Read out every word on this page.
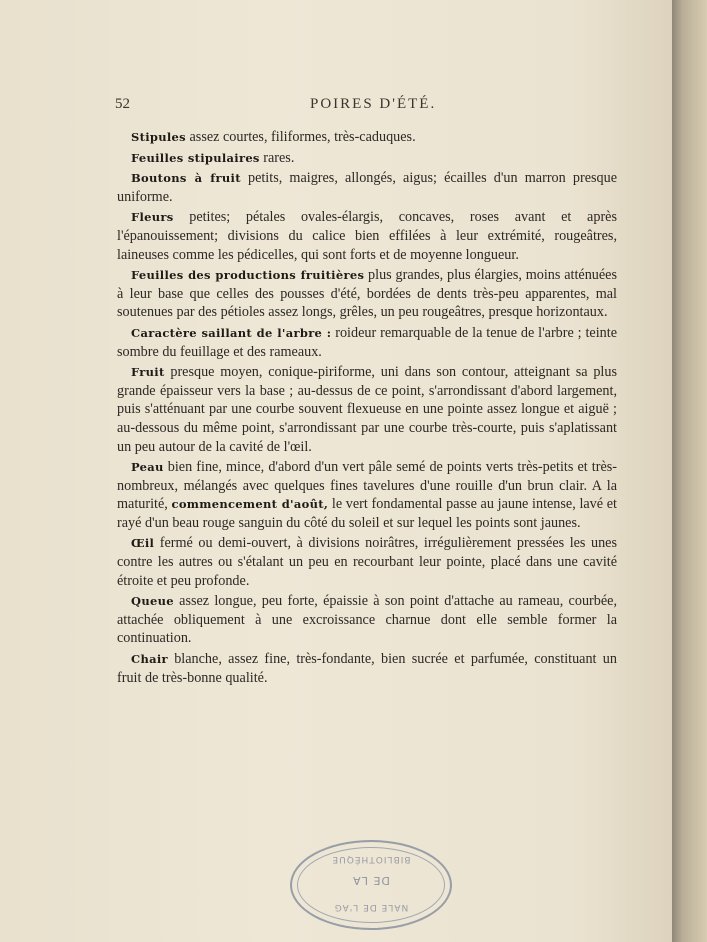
52	POIRES D'ÉTÉ.

Stipules assez courtes, filiformes, très-caduques.

Feuilles stipulaires rares.

Boutons à fruit petits, maigres, allongés, aigus; écailles d'un marron presque uniforme.

Fleurs petites; pétales ovales-élargis, concaves, roses avant et après l'épanouissement; divisions du calice bien effilées à leur extrémité, rougeâtres, laineuses comme les pédicelles, qui sont forts et de moyenne longueur.

Feuilles des productions fruitières plus grandes, plus élargies, moins atténuées à leur base que celles des pousses d'été, bordées de dents très-peu apparentes, mal soutenues par des pétioles assez longs, grêles, un peu rougeâtres, presque horizontaux.

Caractère saillant de l'arbre : roideur remarquable de la tenue de l'arbre ; teinte sombre du feuillage et des rameaux.

Fruit presque moyen, conique-piriforme, uni dans son contour, atteignant sa plus grande épaisseur vers la base ; au-dessus de ce point, s'arrondissant d'abord largement, puis s'atténuant par une courbe souvent flexueuse en une pointe assez longue et aiguë ; au-dessous du même point, s'arrondissant par une courbe très-courte, puis s'aplatissant un peu autour de la cavité de l'œil.

Peau bien fine, mince, d'abord d'un vert pâle semé de points verts très-petits et très-nombreux, mélangés avec quelques fines tavelures d'une rouille d'un brun clair. A la maturité, commencement d'août, le vert fondamental passe au jaune intense, lavé et rayé d'un beau rouge sanguin du côté du soleil et sur lequel les points sont jaunes.

Œil fermé ou demi-ouvert, à divisions noirâtres, irrégulièrement pressées les unes contre les autres ou s'étalant un peu en recourbant leur pointe, placé dans une cavité étroite et peu profonde.

Queue assez longue, peu forte, épaissie à son point d'attache au rameau, courbée, attachée obliquement à une excroissance charnue dont elle semble former la continuation.

Chair blanche, assez fine, très-fondante, bien sucrée et parfumée, constituant un fruit de très-bonne qualité.

NALE DE L'AG
DE LA
BIBLIOTHÈQUE
